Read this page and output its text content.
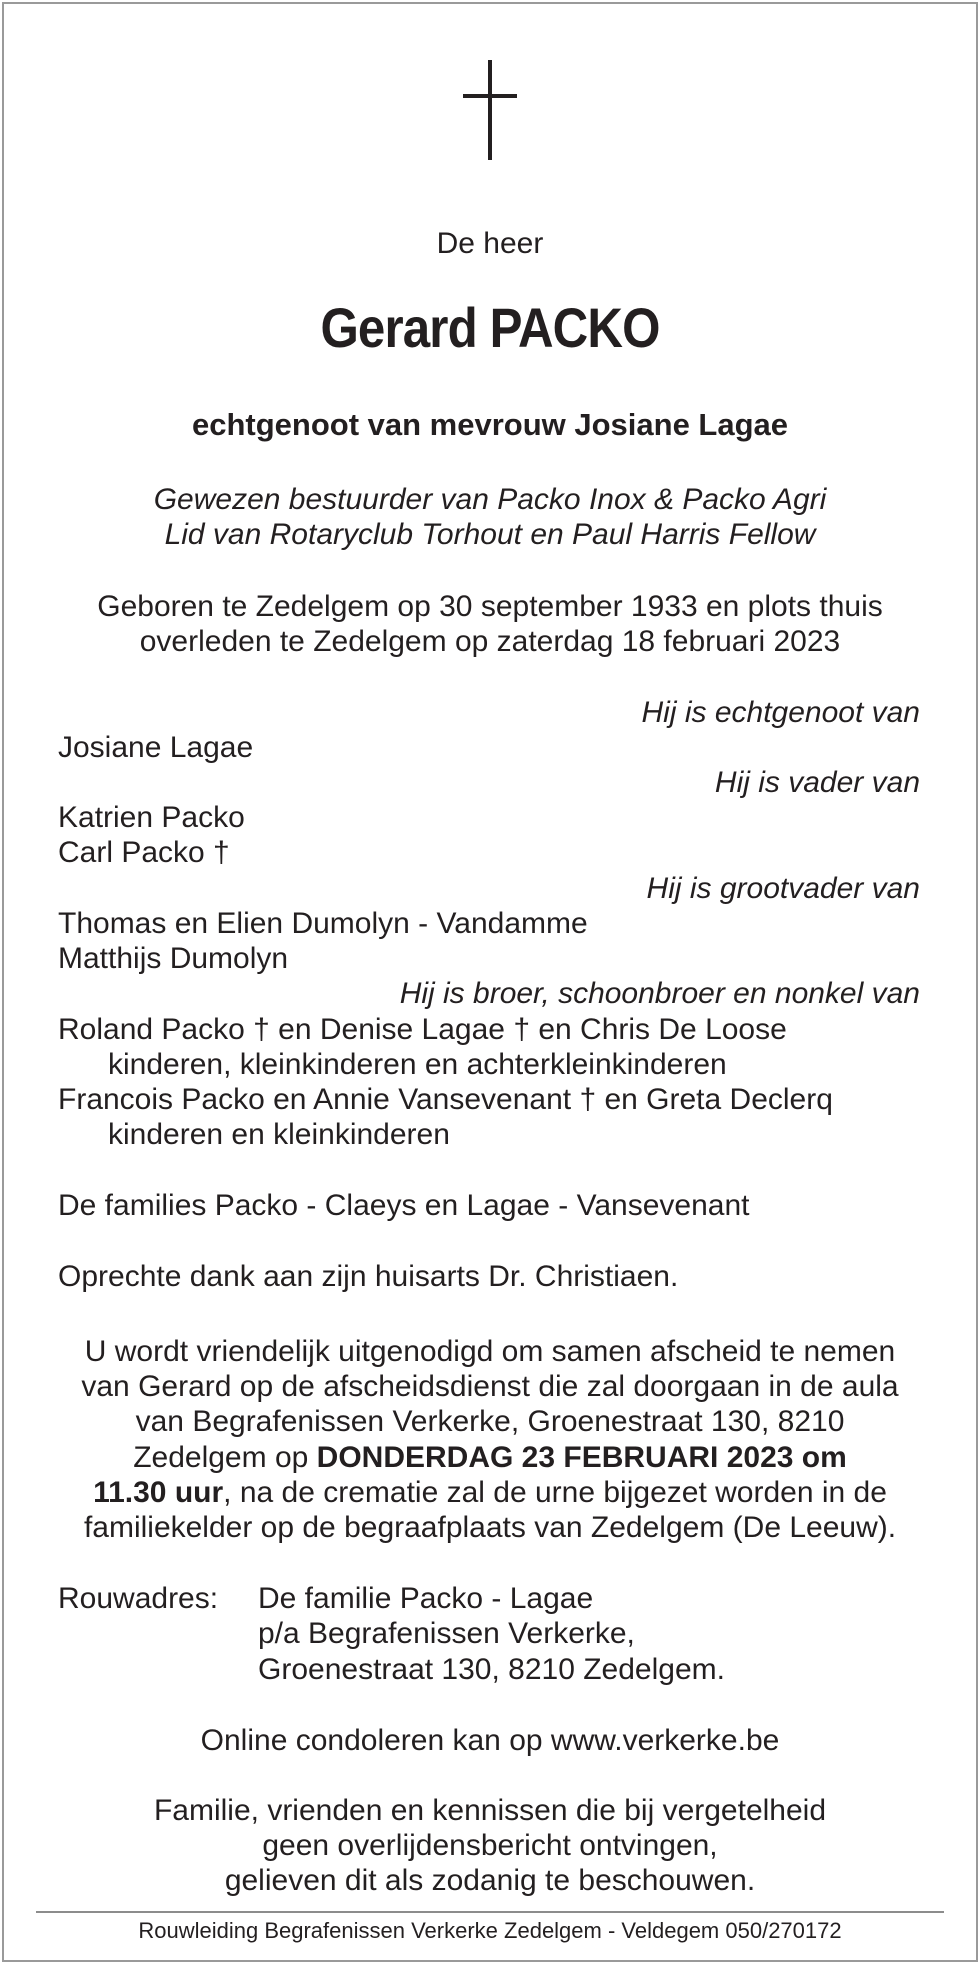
De heer
Gerard PACKO
echtgenoot van mevrouw Josiane Lagae
Gewezen bestuurder van Packo Inox & Packo Agri
Lid van Rotaryclub Torhout en Paul Harris Fellow
Geboren te Zedelgem op 30 september 1933 en plots thuis
overleden te Zedelgem op zaterdag 18 februari 2023
Hij is echtgenoot van
Josiane Lagae
Hij is vader van
Katrien Packo
Carl Packo †
Hij is grootvader van
Thomas en Elien Dumolyn - Vandamme
Matthijs Dumolyn
Hij is broer, schoonbroer en nonkel van
Roland Packo † en Denise Lagae † en Chris De Loose
kinderen, kleinkinderen en achterkleinkinderen
Francois Packo en Annie Vansevenant † en Greta Declerq
kinderen en kleinkinderen
De families Packo - Claeys en Lagae - Vansevenant
Oprechte dank aan zijn huisarts Dr. Christiaen.
U wordt vriendelijk uitgenodigd om samen afscheid te nemen
van Gerard op de afscheidsdienst die zal doorgaan in de aula
van Begrafenissen Verkerke, Groenestraat 130, 8210
Zedelgem op DONDERDAG 23 FEBRUARI 2023 om
11.30 uur, na de crematie zal de urne bijgezet worden in de
familiekelder op de begraafplaats van Zedelgem (De Leeuw).
Rouwadres: De familie Packo - Lagae
p/a Begrafenissen Verkerke,
Groenestraat 130, 8210 Zedelgem.
Online condoleren kan op www.verkerke.be
Familie, vrienden en kennissen die bij vergetelheid
geen overlijdensbericht ontvingen,
gelieven dit als zodanig te beschouwen.
Rouwleiding Begrafenissen Verkerke Zedelgem - Veldegem 050/270172
